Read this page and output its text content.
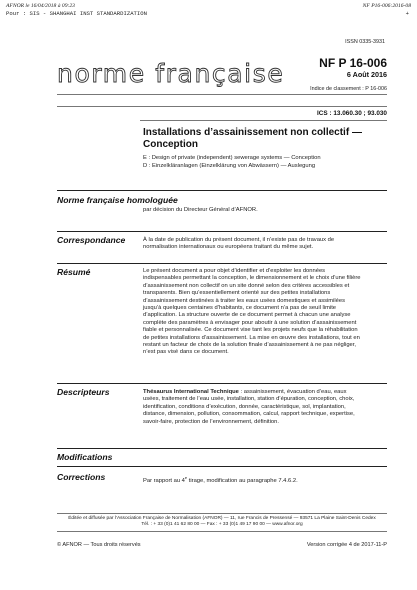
AFNOR le 16/04/2018 à 09:23
Pour : SIS - SHANGHAI INST STANDARDIZATION
NF P16-006:2016-08
+
ISSN 0335-3931
norme française	NF P 16-006
6 Août 2016
Indice de classement : P 16-006
ICS : 13.060.30 ; 93.030
Installations d’assainissement non collectif —
Conception
E : Design of private (independent) sewerage systems — Conception
D : Einzelkläranlagen (Einzelklärung von Abwässern) — Auslegung
Norme française homologuée
par décision du Directeur Général d’AFNOR.
Correspondance	À la date de publication du présent document, il n’existe pas de travaux de
normalisation internationaux ou européens traitant du même sujet.
Résumé	Le présent document a pour objet d’identifier et d’exploiter les données
indispensables permettant la conception, le dimensionnement et le choix d’une filière
d’assainissement non collectif on un site donné selon des critères accessibles et
transparents. Bien qu’essentiellement orienté sur des petites installations
d’assainissement destinées à traiter les eaux usées domestiques et assimilées
jusqu’à quelques centaines d’habitants, ce document n’a pas de seuil limite
d’application. La structure ouverte de ce document permet à chacun une analyse
complète des paramètres à envisager pour aboutir à une solution d’assainissement
fiable et personnalisée. Ce document vise tant les projets neufs que la réhabilitation
de petites installations d’assainissement. La mise en œuvre des installations, tout en
restant un facteur de choix de la solution finale d’assainissement à ne pas négliger,
n’est pas visé dans ce document.
Descripteurs	Thésaurus International Technique : assainissement, évacuation d’eau, eaux
usées, traitement de l’eau usée, installation, station d’épuration, conception, choix,
identification, conditions d’exécution, donnée, caractéristique, sol, implantation,
distance, dimension, pollution, consommation, calcul, rapport technique, expertise,
savoir-faire, protection de l’environnement, définition.
Modifications
Corrections	Par rapport au 4e tirage, modification au paragraphe 7.4.6.2.
Éditée et diffusée par l’Association Française de Normalisation (AFNOR) — 11, rue Francis de Pressensé — 93571 La Plaine Saint-Denis Cedex
Tél. : + 33 (0)1 41 62 80 00 — Fax : + 33 (0)1 49 17 90 00 — www.afnor.org
© AFNOR — Tous droits réservés	Version corrigée 4 de 2017-11-P
